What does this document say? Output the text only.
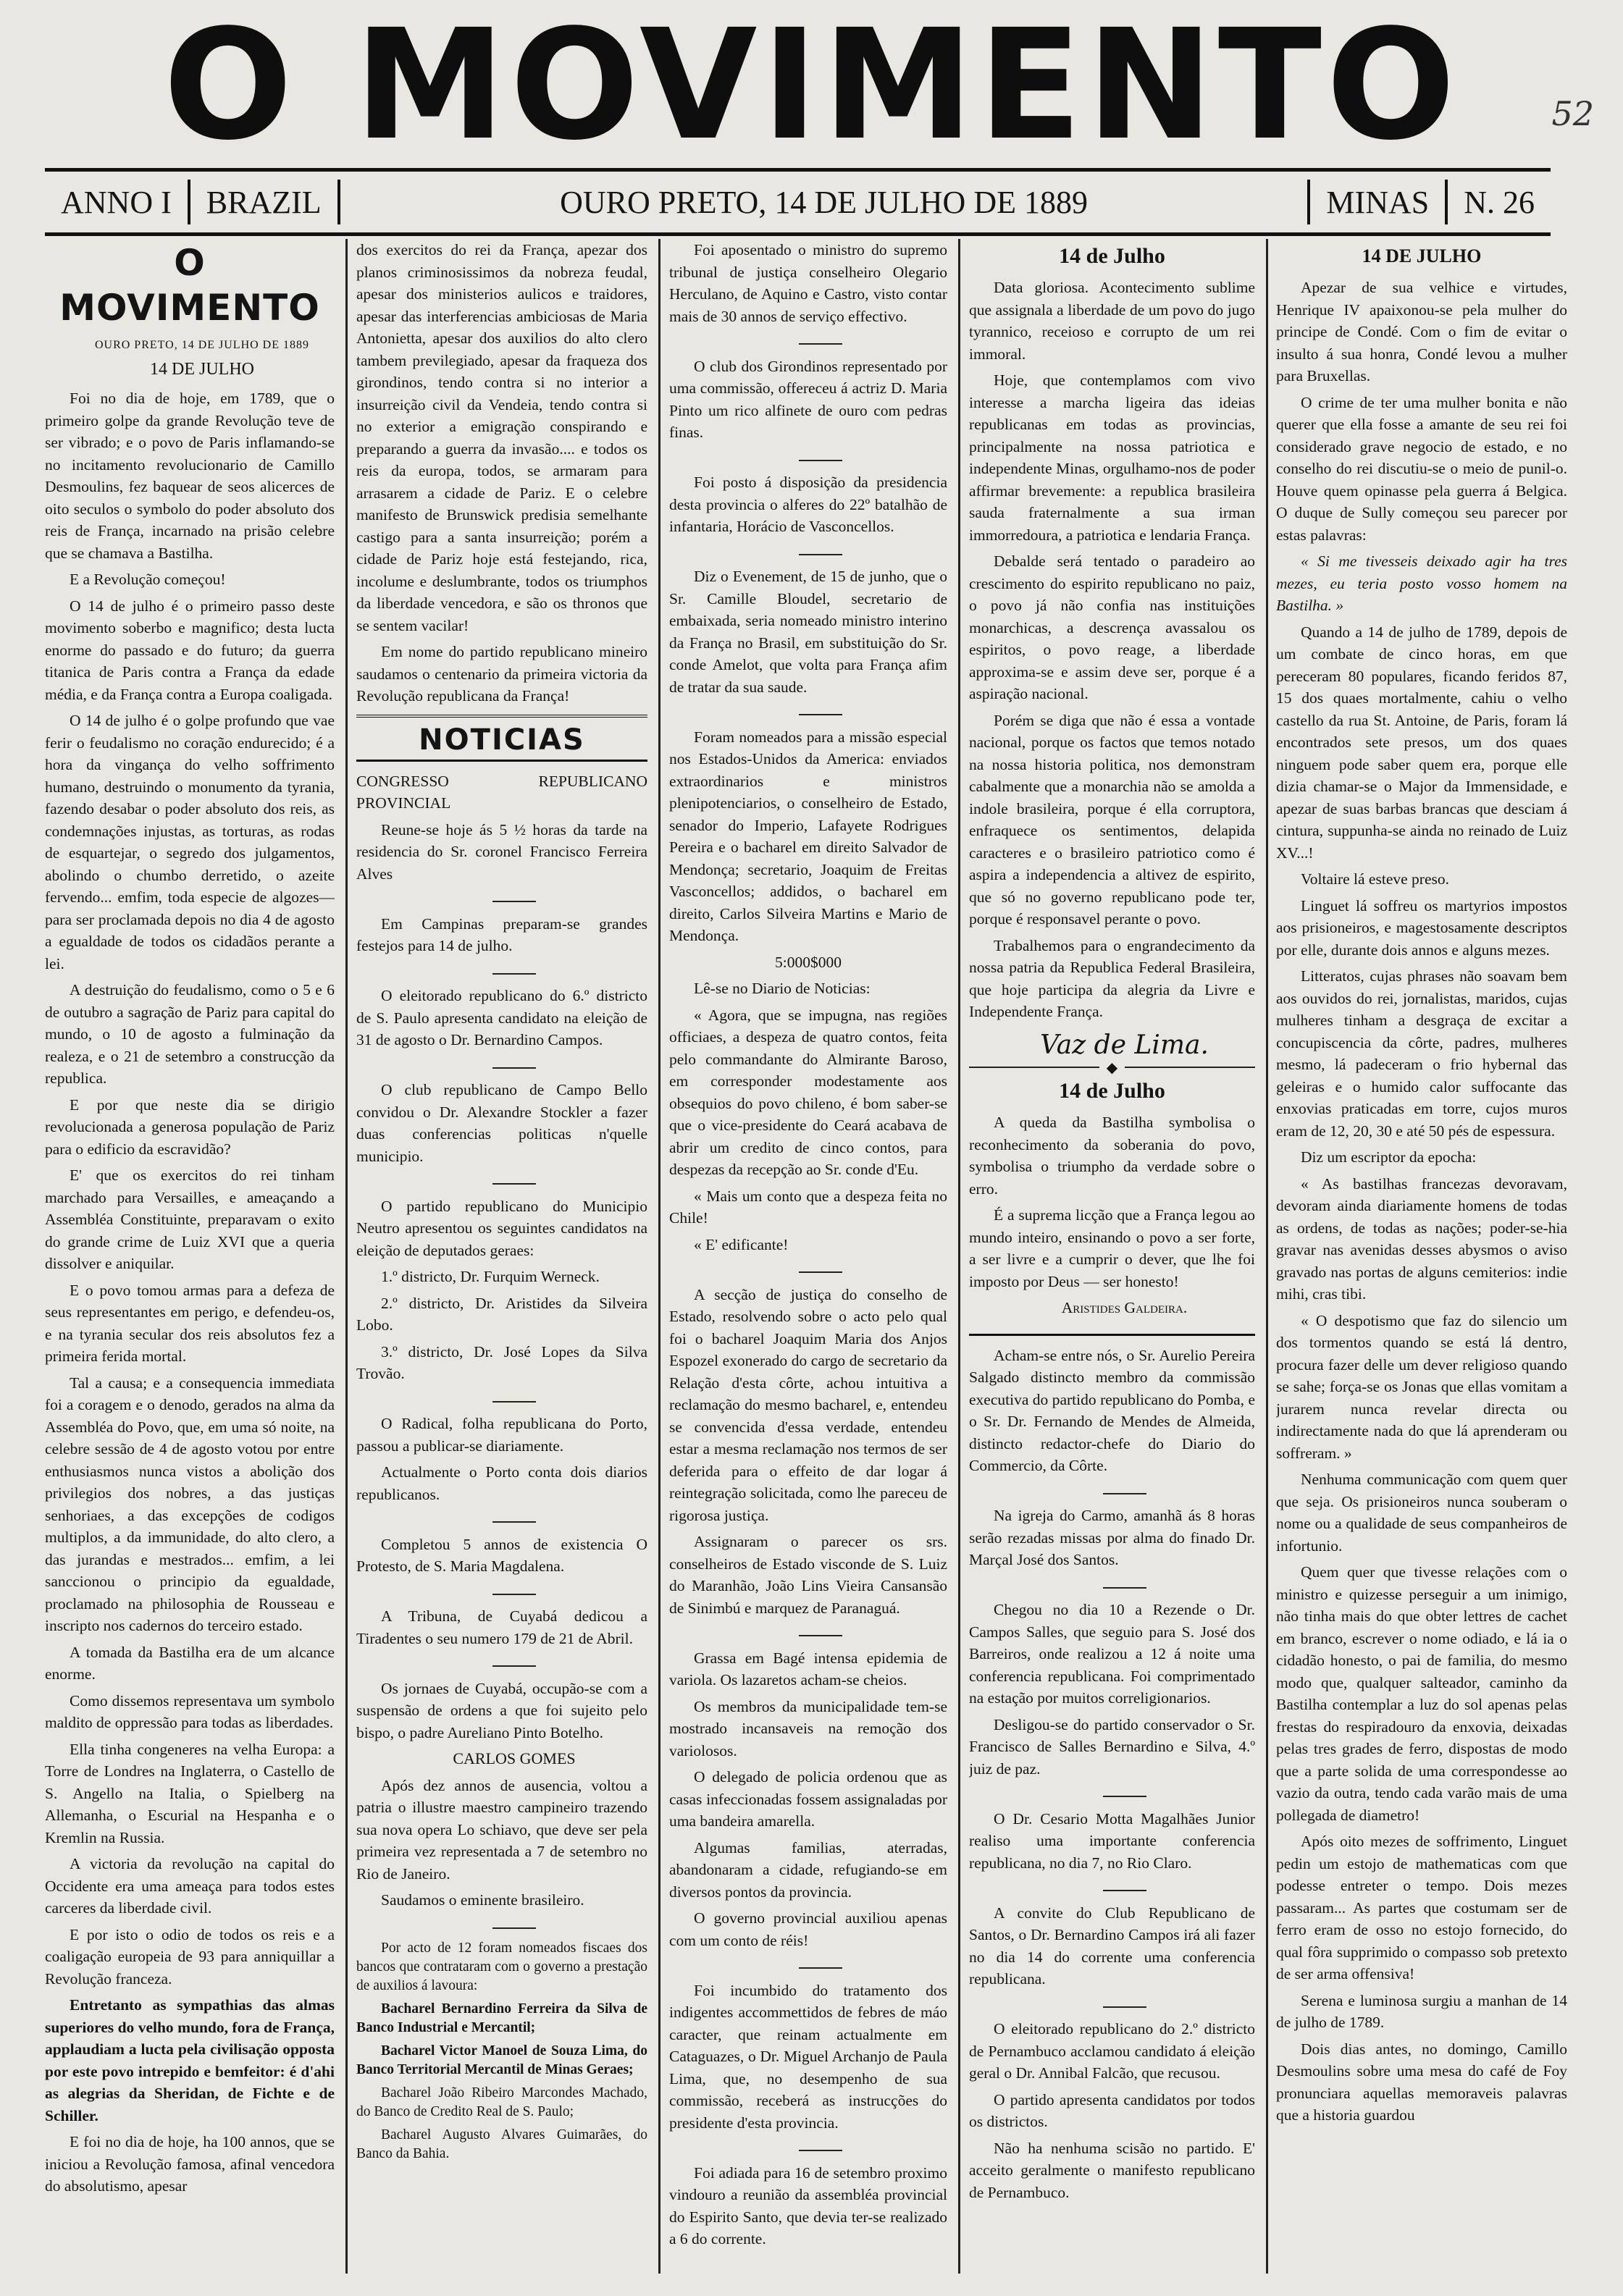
O MOVIMENTO	52
ANNO I	BRAZIL	OURO PRETO, 14 DE JULHO DE 1889	MINAS	N. 26
O MOVIMENTO

OURO PRETO, 14 DE JULHO DE 1889

14 DE JULHO

Foi no dia de hoje, em 1789, que o primeiro golpe da grande Revolução teve de ser vibrado; e o povo de Paris inflamando-se no incitamento revolucionario de Camillo Desmoulins, fez baquear de seos alicerces de oito seculos o symbolo do poder absoluto dos reis de França, incarnado na prisão celebre que se chamava a Bastilha.

E a Revolução começou!

O 14 de julho é o primeiro passo deste movimento soberbo e magnifico; desta lucta enorme do passado e do futuro; da guerra titanica de Paris contra a França da edade média, e da França contra a Europa coaligada.

O 14 de julho é o golpe profundo que vae ferir o feudalismo no coração endurecido; é a hora da vingança do velho soffrimento humano, destruindo o monumento da tyrania, fazendo desabar o poder absoluto dos reis, as condemnações injustas, as torturas, as rodas de esquartejar, o segredo dos julgamentos, abolindo o chumbo derretido, o azeite fervendo... emfim, toda especie de algozes—para ser proclamada depois no dia 4 de agosto a egualdade de todos os cidadãos perante a lei.

A destruição do feudalismo, como o 5 e 6 de outubro a sagração de Pariz para capital do mundo, o 10 de agosto a fulminação da realeza, e o 21 de setembro a construcção da republica.

E por que neste dia se dirigio revolucionada a generosa população de Pariz para o edificio da escravidão?

E' que os exercitos do rei tinham marchado para Versailles, e ameaçando a Assembléa Constituinte, preparavam o exito do grande crime de Luiz XVI que a queria dissolver e aniquilar.

E o povo tomou armas para a defeza de seus representantes em perigo, e defendeu-os, e na tyrania secular dos reis absolutos fez a primeira ferida mortal.

Tal a causa; e a consequencia immediata foi a coragem e o denodo, gerados na alma da Assembléa do Povo, que, em uma só noite, na celebre sessão de 4 de agosto votou por entre enthusiasmos nunca vistos a abolição dos privilegios dos nobres, a das justiças senhoriaes, a das excepções de codigos multiplos, a da immunidade, do alto clero, a das jurandas e mestrados... emfim, a lei sanccionou o principio da egualdade, proclamado na philosophia de Rousseau e inscripto nos cadernos do terceiro estado.

A tomada da Bastilha era de um alcance enorme.

Como dissemos representava um symbolo maldito de oppressão para todas as liberdades.

Ella tinha congeneres na velha Europa: a Torre de Londres na Inglaterra, o Castello de S. Angello na Italia, o Spielberg na Allemanha, o Escurial na Hespanha e o Kremlin na Russia.

A victoria da revolução na capital do Occidente era uma ameaça para todos estes carceres da liberdade civil.

E por isto o odio de todos os reis e a coaligação europeia de 93 para anniquillar a Revolução franceza.

Entretanto as sympathias das almas superiores do velho mundo, fora de França, applaudiam a lucta pela civilisação opposta por este povo intrepido e bemfeitor: é d'ahi as alegrias da Sheridan, de Fichte e de Schiller.

E foi no dia de hoje, ha 100 annos, que se iniciou a Revolução famosa, afinal vencedora do absolutismo, apesar

dos exercitos do rei da França, apezar dos planos criminosissimos da nobreza feudal, apesar dos ministerios aulicos e traidores, apesar das interferencias ambiciosas de Maria Antonietta, apesar dos auxilios do alto clero tambem previlegiado, apesar da fraqueza dos girondinos, tendo contra si no interior a insurreição civil da Vendeia, tendo contra si no exterior a emigração conspirando e preparando a guerra da invasão.... e todos os reis da europa, todos, se armaram para arrasarem a cidade de Pariz. E o celebre manifesto de Brunswick predisia semelhante castigo para a santa insurreição; porém a cidade de Pariz hoje está festejando, rica, incolume e deslumbrante, todos os triumphos da liberdade vencedora, e são os thronos que se sentem vacilar!

Em nome do partido republicano mineiro saudamos o centenario da primeira victoria da Revolução republicana da França!

NOTICIAS

CONGRESSO REPUBLICANO PROVINCIAL

Reune-se hoje ás 5 ½ horas da tarde na residencia do Sr. coronel Francisco Ferreira Alves

Em Campinas preparam-se grandes festejos para 14 de julho.

O eleitorado republicano do 6.º districto de S. Paulo apresenta candidato na eleição de 31 de agosto o Dr. Bernardino Campos.

O club republicano de Campo Bello convidou o Dr. Alexandre Stockler a fazer duas conferencias politicas n'quelle municipio.

O partido republicano do Municipio Neutro apresentou os seguintes candidatos na eleição de deputados geraes:

1.º districto, Dr. Furquim Werneck.

2.º districto, Dr. Aristides da Silveira Lobo.

3.º districto, Dr. José Lopes da Silva Trovão.

O Radical, folha republicana do Porto, passou a publicar-se diariamente.

Actualmente o Porto conta dois diarios republicanos.

Completou 5 annos de existencia O Protesto, de S. Maria Magdalena.

A Tribuna, de Cuyabá dedicou a Tiradentes o seu numero 179 de 21 de Abril.

Os jornaes de Cuyabá, occupão-se com a suspensão de ordens a que foi sujeito pelo bispo, o padre Aureliano Pinto Botelho.

CARLOS GOMES

Após dez annos de ausencia, voltou a patria o illustre maestro campineiro trazendo sua nova opera Lo schiavo, que deve ser pela primeira vez representada a 7 de setembro no Rio de Janeiro.

Saudamos o eminente brasileiro.

Por acto de 12 foram nomeados fiscaes dos bancos que contrataram com o governo a prestação de auxilios á lavoura:

Bacharel Bernardino Ferreira da Silva de Banco Industrial e Mercantil;

Bacharel Victor Manoel de Souza Lima, do Banco Territorial Mercantil de Minas Geraes;

Bacharel João Ribeiro Marcondes Machado, do Banco de Credito Real de S. Paulo;

Bacharel Augusto Alvares Guimarães, do Banco da Bahia.

Foi aposentado o ministro do supremo tribunal de justiça conselheiro Olegario Herculano, de Aquino e Castro, visto contar mais de 30 annos de serviço effectivo.

O club dos Girondinos representado por uma commissão, offereceu á actriz D. Maria Pinto um rico alfinete de ouro com pedras finas.

Foi posto á disposição da presidencia desta provincia o alferes do 22º batalhão de infantaria, Horácio de Vasconcellos.

Diz o Evenement, de 15 de junho, que o Sr. Camille Bloudel, secretario de embaixada, seria nomeado ministro interino da França no Brasil, em substituição do Sr. conde Amelot, que volta para França afim de tratar da sua saude.

Foram nomeados para a missão especial nos Estados-Unidos da America: enviados extraordinarios e ministros plenipotenciarios, o conselheiro de Estado, senador do Imperio, Lafayete Rodrigues Pereira e o bacharel em direito Salvador de Mendonça; secretario, Joaquim de Freitas Vasconcellos; addidos, o bacharel em direito, Carlos Silveira Martins e Mario de Mendonça.

5:000$000

Lê-se no Diario de Noticias:

« Agora, que se impugna, nas regiões officiaes, a despeza de quatro contos, feita pelo commandante do Almirante Baroso, em corresponder modestamente aos obsequios do povo chileno, é bom saber-se que o vice-presidente do Ceará acabava de abrir um credito de cinco contos, para despezas da recepção ao Sr. conde d'Eu.

« Mais um conto que a despeza feita no Chile!

« E' edificante!

A secção de justiça do conselho de Estado, resolvendo sobre o acto pelo qual foi o bacharel Joaquim Maria dos Anjos Espozel exonerado do cargo de secretario da Relação d'esta côrte, achou intuitiva a reclamação do mesmo bacharel, e, entendeu se convencida d'essa verdade, entendeu estar a mesma reclamação nos termos de ser deferida para o effeito de dar logar á reintegração solicitada, como lhe pareceu de rigorosa justiça.

Assignaram o parecer os srs. conselheiros de Estado visconde de S. Luiz do Maranhão, João Lins Vieira Cansansão de Sinimbú e marquez de Paranaguá.

Grassa em Bagé intensa epidemia de variola. Os lazaretos acham-se cheios.

Os membros da municipalidade tem-se mostrado incansaveis na remoção dos variolosos.

O delegado de policia ordenou que as casas infeccionadas fossem assignaladas por uma bandeira amarella.

Algumas familias, aterradas, abandonaram a cidade, refugiando-se em diversos pontos da provincia.

O governo provincial auxiliou apenas com um conto de réis!

Foi incumbido do tratamento dos indigentes accommettidos de febres de máo caracter, que reinam actualmente em Cataguazes, o Dr. Miguel Archanjo de Paula Lima, que, no desempenho de sua commissão, receberá as instrucções do presidente d'esta provincia.

Foi adiada para 16 de setembro proximo vindouro a reunião da assembléa provincial do Espirito Santo, que devia ter-se realizado a 6 do corrente.

14 de Julho

Data gloriosa. Acontecimento sublime que assignala a liberdade de um povo do jugo tyrannico, receioso e corrupto de um rei immoral.

Hoje, que contemplamos com vivo interesse a marcha ligeira das ideias republicanas em todas as provincias, principalmente na nossa patriotica e independente Minas, orgulhamo-nos de poder affirmar brevemente: a republica brasileira sauda fraternalmente a sua irman immorredoura, a patriotica e lendaria França.

Debalde será tentado o paradeiro ao crescimento do espirito republicano no paiz, o povo já não confia nas instituições monarchicas, a descrença avassalou os espiritos, o povo reage, a liberdade approxima-se e assim deve ser, porque é a aspiração nacional.

Porém se diga que não é essa a vontade nacional, porque os factos que temos notado na nossa historia politica, nos demonstram cabalmente que a monarchia não se amolda a indole brasileira, porque é ella corruptora, enfraquece os sentimentos, delapida caracteres e o brasileiro patriotico como é aspira a independencia a altivez de espirito, que só no governo republicano pode ter, porque é responsavel perante o povo.

Trabalhemos para o engrandecimento da nossa patria da Republica Federal Brasileira, que hoje participa da alegria da Livre e Independente França.

Vaz de Lima.

◆
14 de Julho

A queda da Bastilha symbolisa o reconhecimento da soberania do povo, symbolisa o triumpho da verdade sobre o erro.

É a suprema licção que a França legou ao mundo inteiro, ensinando o povo a ser forte, a ser livre e a cumprir o dever, que lhe foi imposto por Deus — ser honesto!

Aristides Galdeira.

Acham-se entre nós, o Sr. Aurelio Pereira Salgado distincto membro da commissão executiva do partido republicano do Pomba, e o Sr. Dr. Fernando de Mendes de Almeida, distincto redactor-chefe do Diario do Commercio, da Côrte.

Na igreja do Carmo, amanhã ás 8 horas serão rezadas missas por alma do finado Dr. Marçal José dos Santos.

Chegou no dia 10 a Rezende o Dr. Campos Salles, que seguio para S. José dos Barreiros, onde realizou a 12 á noite uma conferencia republicana. Foi comprimentado na estação por muitos correligionarios.

Desligou-se do partido conservador o Sr. Francisco de Salles Bernardino e Silva, 4.º juiz de paz.

O Dr. Cesario Motta Magalhães Junior realiso uma importante conferencia republicana, no dia 7, no Rio Claro.

A convite do Club Republicano de Santos, o Dr. Bernardino Campos irá ali fazer no dia 14 do corrente uma conferencia republicana.

O eleitorado republicano do 2.º districto de Pernambuco acclamou candidato á eleição geral o Dr. Annibal Falcão, que recusou.

O partido apresenta candidatos por todos os districtos.

Não ha nenhuma scisão no partido. E' acceito geralmente o manifesto republicano de Pernambuco.

14 DE JULHO

Apezar de sua velhice e virtudes, Henrique IV apaixonou-se pela mulher do principe de Condé. Com o fim de evitar o insulto á sua honra, Condé levou a mulher para Bruxellas.

O crime de ter uma mulher bonita e não querer que ella fosse a amante de seu rei foi considerado grave negocio de estado, e no conselho do rei discutiu-se o meio de punil-o. Houve quem opinasse pela guerra á Belgica. O duque de Sully começou seu parecer por estas palavras:

« Si me tivesseis deixado agir ha tres mezes, eu teria posto vosso homem na Bastilha. »

Quando a 14 de julho de 1789, depois de um combate de cinco horas, em que pereceram 80 populares, ficando feridos 87, 15 dos quaes mortalmente, cahiu o velho castello da rua St. Antoine, de Paris, foram lá encontrados sete presos, um dos quaes ninguem pode saber quem era, porque elle dizia chamar-se o Major da Immensidade, e apezar de suas barbas brancas que desciam á cintura, suppunha-se ainda no reinado de Luiz XV...!

Voltaire lá esteve preso.

Linguet lá soffreu os martyrios impostos aos prisioneiros, e magestosamente descriptos por elle, durante dois annos e alguns mezes.

Litteratos, cujas phrases não soavam bem aos ouvidos do rei, jornalistas, maridos, cujas mulheres tinham a desgraça de excitar a concupiscencia da côrte, padres, mulheres mesmo, lá padeceram o frio hybernal das geleiras e o humido calor suffocante das enxovias praticadas em torre, cujos muros eram de 12, 20, 30 e até 50 pés de espessura.

Diz um escriptor da epocha:

« As bastilhas francezas devoravam, devoram ainda diariamente homens de todas as ordens, de todas as nações; poder-se-hia gravar nas avenidas desses abysmos o aviso gravado nas portas de alguns cemiterios: indie mihi, cras tibi.

« O despotismo que faz do silencio um dos tormentos quando se está lá dentro, procura fazer delle um dever religioso quando se sahe; força-se os Jonas que ellas vomitam a jurarem nunca revelar directa ou indirectamente nada do que lá aprenderam ou soffreram. »

Nenhuma communicação com quem quer que seja. Os prisioneiros nunca souberam o nome ou a qualidade de seus companheiros de infortunio.

Quem quer que tivesse relações com o ministro e quizesse perseguir a um inimigo, não tinha mais do que obter lettres de cachet em branco, escrever o nome odiado, e lá ia o cidadão honesto, o pai de familia, do mesmo modo que, qualquer salteador, caminho da Bastilha contemplar a luz do sol apenas pelas frestas do respiradouro da enxovia, deixadas pelas tres grades de ferro, dispostas de modo que a parte solida de uma correspondesse ao vazio da outra, tendo cada varão mais de uma pollegada de diametro!

Após oito mezes de soffrimento, Linguet pedin um estojo de mathematicas com que podesse entreter o tempo. Dois mezes passaram... As partes que costumam ser de ferro eram de osso no estojo fornecido, do qual fôra supprimido o compasso sob pretexto de ser arma offensiva!

Serena e luminosa surgiu a manhan de 14 de julho de 1789.

Dois dias antes, no domingo, Camillo Desmoulins sobre uma mesa do café de Foy pronunciara aquellas memoraveis palavras que a historia guardou
